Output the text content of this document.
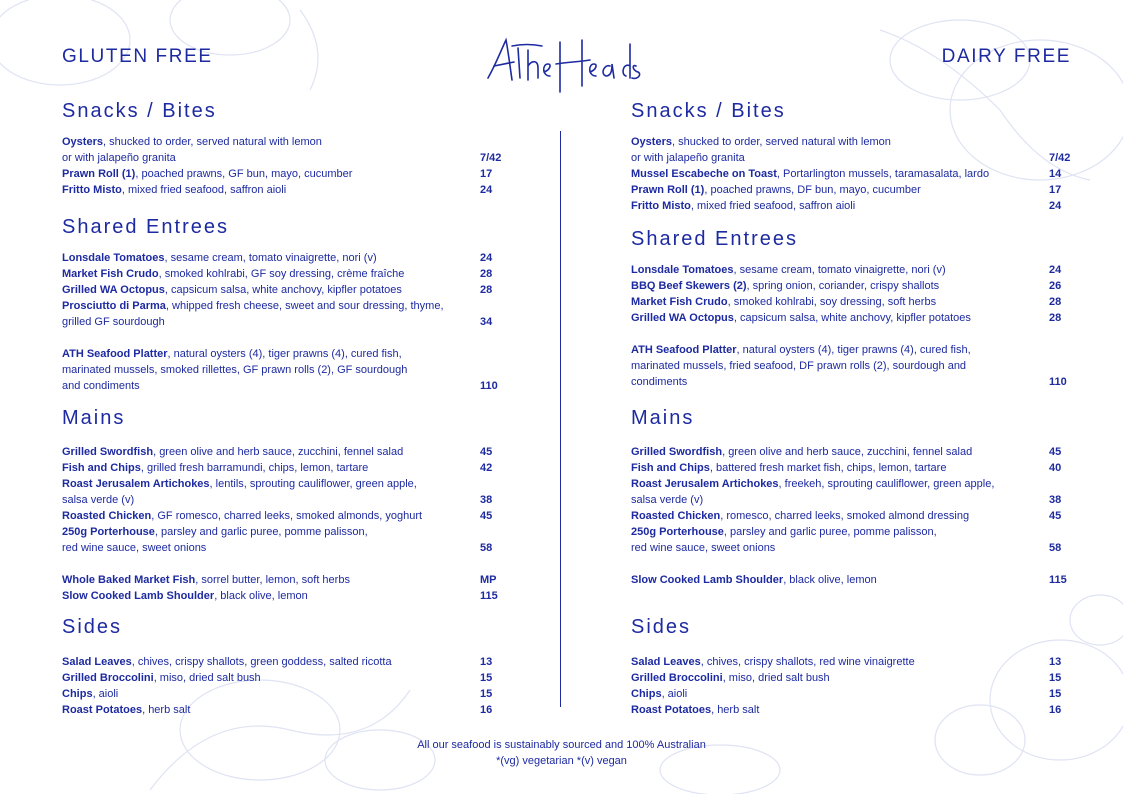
GLUTEN FREE	DAIRY FREE
Snacks / Bites
Oysters, shucked to order, served natural with lemon
or with jalapeño granita	7/42
Prawn Roll (1), poached prawns, GF bun, mayo, cucumber	17
Fritto Misto, mixed fried seafood, saffron aioli	24
Shared Entrees
Lonsdale Tomatoes, sesame cream, tomato vinaigrette, nori (v)	24
Market Fish Crudo, smoked kohlrabi, GF soy dressing, crème fraîche	28
Grilled WA Octopus, capsicum salsa, white anchovy, kipfler potatoes	28
Prosciutto di Parma, whipped fresh cheese, sweet and sour dressing, thyme,
grilled GF sourdough	34
ATH Seafood Platter, natural oysters (4), tiger prawns (4), cured fish,
marinated mussels, smoked rillettes, GF prawn rolls (2), GF sourdough
and condiments	110
Mains
Grilled Swordfish, green olive and herb sauce, zucchini, fennel salad	45
Fish and Chips, grilled fresh barramundi, chips, lemon, tartare	42
Roast Jerusalem Artichokes, lentils, sprouting cauliflower, green apple,
salsa verde (v)	38
Roasted Chicken, GF romesco, charred leeks, smoked almonds, yoghurt	45
250g Porterhouse, parsley and garlic puree, pomme palisson,
red wine sauce, sweet onions	58
Whole Baked Market Fish, sorrel butter, lemon, soft herbs	MP
Slow Cooked Lamb Shoulder, black olive, lemon	115
Sides
Salad Leaves, chives, crispy shallots, green goddess, salted ricotta	13
Grilled Broccolini, miso, dried salt bush	15
Chips, aioli	15
Roast Potatoes, herb salt	16
Snacks / Bites
Oysters, shucked to order, served natural with lemon
or with jalapeño granita	7/42
Mussel Escabeche on Toast, Portarlington mussels, taramasalata, lardo	14
Prawn Roll (1), poached prawns, DF bun, mayo, cucumber	17
Fritto Misto, mixed fried seafood, saffron aioli	24
Shared Entrees
Lonsdale Tomatoes, sesame cream, tomato vinaigrette, nori (v)	24
BBQ Beef Skewers (2), spring onion, coriander, crispy shallots	26
Market Fish Crudo, smoked kohlrabi, soy dressing, soft herbs	28
Grilled WA Octopus, capsicum salsa, white anchovy, kipfler potatoes	28
ATH Seafood Platter, natural oysters (4), tiger prawns (4), cured fish,
marinated mussels, fried seafood, DF prawn rolls (2), sourdough and
condiments	110
Mains
Grilled Swordfish, green olive and herb sauce, zucchini, fennel salad	45
Fish and Chips, battered fresh market fish, chips, lemon, tartare	40
Roast Jerusalem Artichokes, freekeh, sprouting cauliflower, green apple,
salsa verde (v)	38
Roasted Chicken, romesco, charred leeks, smoked almond dressing	45
250g Porterhouse, parsley and garlic puree, pomme palisson,
red wine sauce, sweet onions	58
Slow Cooked Lamb Shoulder, black olive, lemon	115
Sides
Salad Leaves, chives, crispy shallots, red wine vinaigrette	13
Grilled Broccolini, miso, dried salt bush	15
Chips, aioli	15
Roast Potatoes, herb salt	16
All our seafood is sustainably sourced and 100% Australian
*(vg) vegetarian *(v) vegan
